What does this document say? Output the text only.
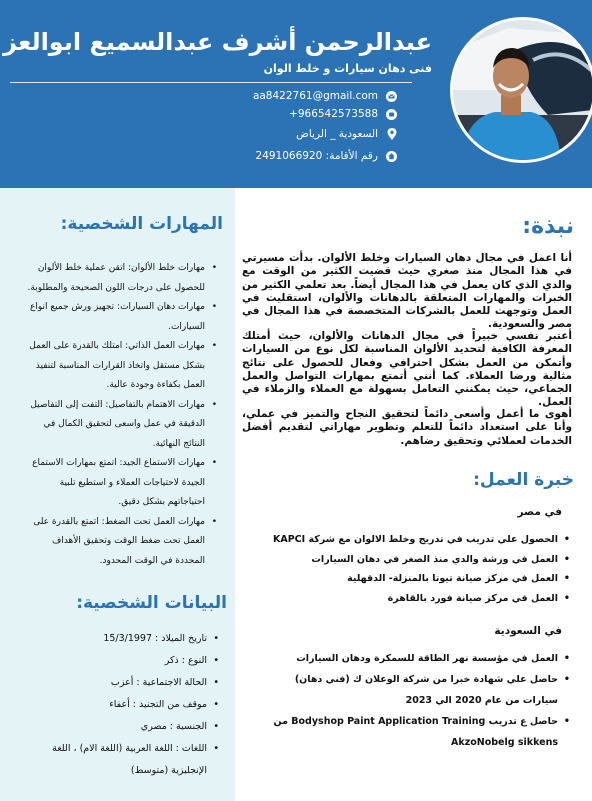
عبدالرحمن أشرف عبدالسميع ابوالعز
فنى دهان سيارات و خلط الوان
aa8422761@gmail.com
+966542573588
السعودية _ الرياض
رقم الأقامة: 2491066920
المهارات الشخصية:
• مهارات خلط الألوان: اتقن عملية خلط الألوان للحصول على درجات اللون الصحيحة والمطلوبة.
• مهارات دهان السيارات: تجهيز ورش جميع انواع السيارات.
• مهارات العمل الذاتي: امتلك بالقدرة على العمل بشكل مستقل واتخاذ القرارات المناسبة لتنفيذ العمل بكفاءة وجودة عالية.
• مهارات الاهتمام بالتفاصيل: التفت إلى التفاصيل الدقيقة في عمل واسعى لتحقيق الكمال في النتائج النهائية.
• مهارات الاستماع الجيد: اتمتع بمهارات الاستماع الجيدة لاحتياجات العملاء و استطيع تلبية احتياجاتهم بشكل دقيق.
• مهارات العمل تحت الضغط: اتمتع بالقدرة على العمل تحت ضغط الوقت وتحقيق الأهداف المحددة في الوقت المحدود.
البيانات الشخصية:
• تاريخ الميلاد : 15/3/1997
• النوع : ذكر
• الحالة الاجتماعية : أعزب
• موقف من التجنيد : أعفاء
• الجنسية : مصري
• اللغات : اللغة العربية (اللغة الام) ، اللغة الإنجليزية (متوسط)
نبذة:

أنا اعمل في مجال دهان السيارات وخلط الألوان. بدأت مسيرتي في هذا المجال منذ صغري حيث قضيت الكثير من الوقت مع والدي الذي كان يعمل في هذا المجال أيضاً. بعد تعلمي الكثير من الخبرات والمهارات المتعلقة بالدهانات والألوان، استقليت في العمل وتوجهت للعمل بالشركات المتخصصة في هذا المجال في مصر والسعودية.

أعتبر نفسي خبيراً في مجال الدهانات والألوان، حيث أمتلك المعرفة الكافية لتحديد الألوان المناسبة لكل نوع من السيارات وأتمكن من العمل بشكل احترافي وفعال للحصول على نتائج مثالية ورضا العملاء. كما أنني أتمتع بمهارات التواصل والعمل الجماعي، حيث يمكنني التعامل بسهولة مع العملاء والزملاء في العمل.

أهوى ما أعمل وأسعى دائماً لتحقيق النجاح والتميز في عملي، وأنا على استعداد دائماً للتعلم وتطوير مهاراتي لتقديم أفضل الخدمات لعملائي وتحقيق رضاهم.

خبرة العمل:
في مصر
• الحصول علي تدريب في تدريج وخلط الالوان مع شركة KAPCI
• العمل في ورشة والدي منذ الصغر في دهان السيارات
• العمل في مركز صيانة تيوتا بالمنزلة- الدقهلية
• العمل في مركز صيانة فورد بالقاهرة
في السعودية
• العمل في مؤسسة نهر الطاقة للسمكرة ودهان السيارات
• حاصل علي شهادة خبرا من شركة الوعلان ك (فني دهان) سيارات من عام 2020 الي 2023
• حاصل ع تدريب Bodyshop Paint Application Training من AkzoNobelg sikkens
